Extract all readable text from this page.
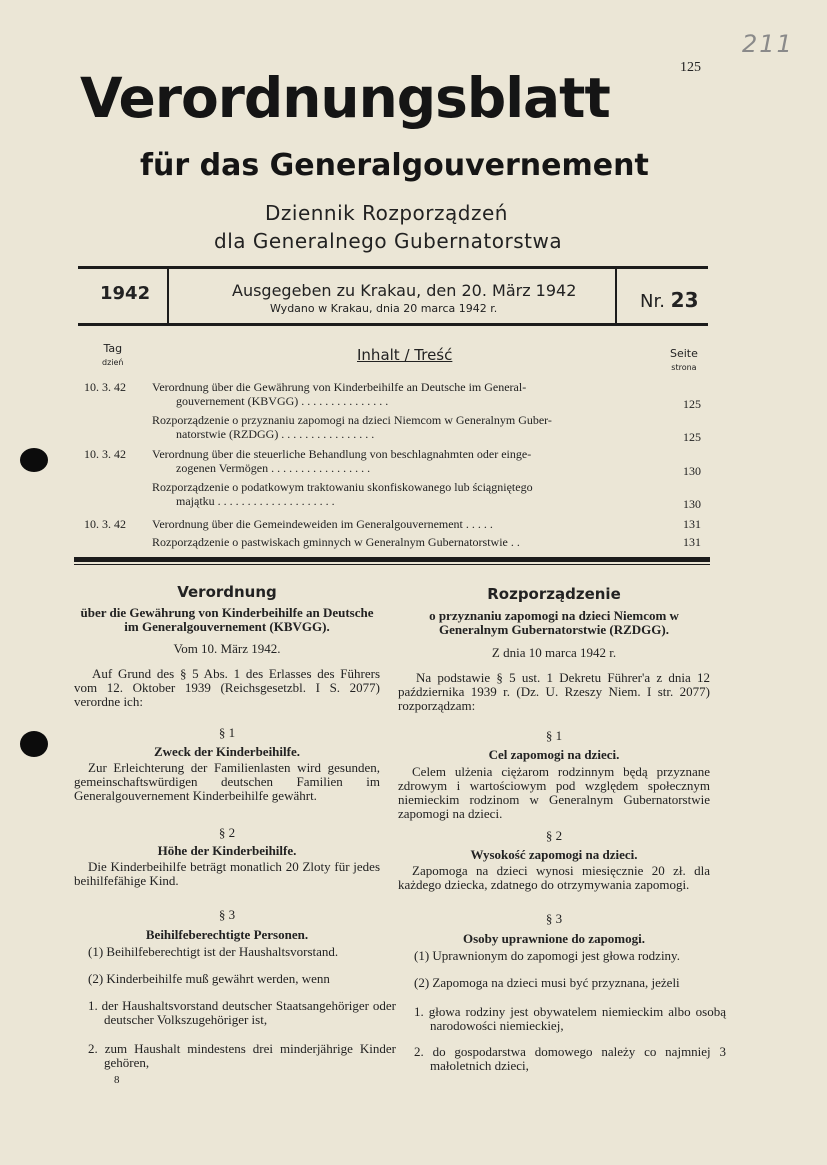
125
211
Verordnungsblatt
für das Generalgouvernement
Dziennik Rozporządzeń
dla Generalnego Gubernatorstwa
1942	Ausgegeben zu Krakau, den 20. März 1942
Wydano w Krakau, dnia 20 marca 1942 r.	Nr. 23
Tag
dzień	Inhalt / Treść	Seite
strona
10. 3. 42	Verordnung über die Gewährung von Kinderbeihilfe an Deutsche im General-
gouvernement (KBVGG) . . . . . . . . . . . . . . .	125
Rozporządzenie o przyznaniu zapomogi na dzieci Niemcom w Generalnym Guber-
natorstwie (RZDGG) . . . . . . . . . . . . . . . .	125
10. 3. 42	Verordnung über die steuerliche Behandlung von beschlagnahmten oder einge-
zogenen Vermögen . . . . . . . . . . . . . . . . .	130
Rozporządzenie o podatkowym traktowaniu skonfiskowanego lub ściągniętego
majątku . . . . . . . . . . . . . . . . . . . .	130
10. 3. 42	Verordnung über die Gemeindeweiden im Generalgouvernement . . . . .	131
Rozporządzenie o pastwiskach gminnych w Generalnym Gubernatorstwie . .	131
Verordnung
über die Gewährung von Kinderbeihilfe an Deutsche im Generalgouvernement (KBVGG).
Vom 10. März 1942.
Auf Grund des § 5 Abs. 1 des Erlasses des Führers vom 12. Oktober 1939 (Reichsgesetzbl. I S. 2077) verordne ich:
§ 1
Zweck der Kinderbeihilfe.
Zur Erleichterung der Familienlasten wird gesunden, gemeinschaftswürdigen deutschen Familien im Generalgouvernement Kinderbeihilfe gewährt.
§ 2
Höhe der Kinderbeihilfe.
Die Kinderbeihilfe beträgt monatlich 20 Zloty für jedes beihilfefähige Kind.
§ 3
Beihilfeberechtigte Personen.
(1) Beihilfeberechtigt ist der Haushaltsvorstand.
(2) Kinderbeihilfe muß gewährt werden, wenn
1. der Haushaltsvorstand deutscher Staatsangehöriger oder deutscher Volkszugehöriger ist,
2. zum Haushalt mindestens drei minderjährige Kinder gehören,
8
Rozporządzenie
o przyznaniu zapomogi na dzieci Niemcom w Generalnym Gubernatorstwie (RZDGG).
Z dnia 10 marca 1942 r.
Na podstawie § 5 ust. 1 Dekretu Führer'a z dnia 12 października 1939 r. (Dz. U. Rzeszy Niem. I str. 2077) rozporządzam:
§ 1
Cel zapomogi na dzieci.
Celem ulżenia ciężarom rodzinnym będą przyznane zdrowym i wartościowym pod względem społecznym niemieckim rodzinom w Generalnym Gubernatorstwie zapomogi na dzieci.
§ 2
Wysokość zapomogi na dzieci.
Zapomoga na dzieci wynosi miesięcznie 20 zł. dla każdego dziecka, zdatnego do otrzymywania zapomogi.
§ 3
Osoby uprawnione do zapomogi.
(1) Uprawnionym do zapomogi jest głowa rodziny.
(2) Zapomoga na dzieci musi być przyznana, jeżeli
1. głowa rodziny jest obywatelem niemieckim albo osobą narodowości niemieckiej,
2. do gospodarstwa domowego należy co najmniej 3 małoletnich dzieci,
